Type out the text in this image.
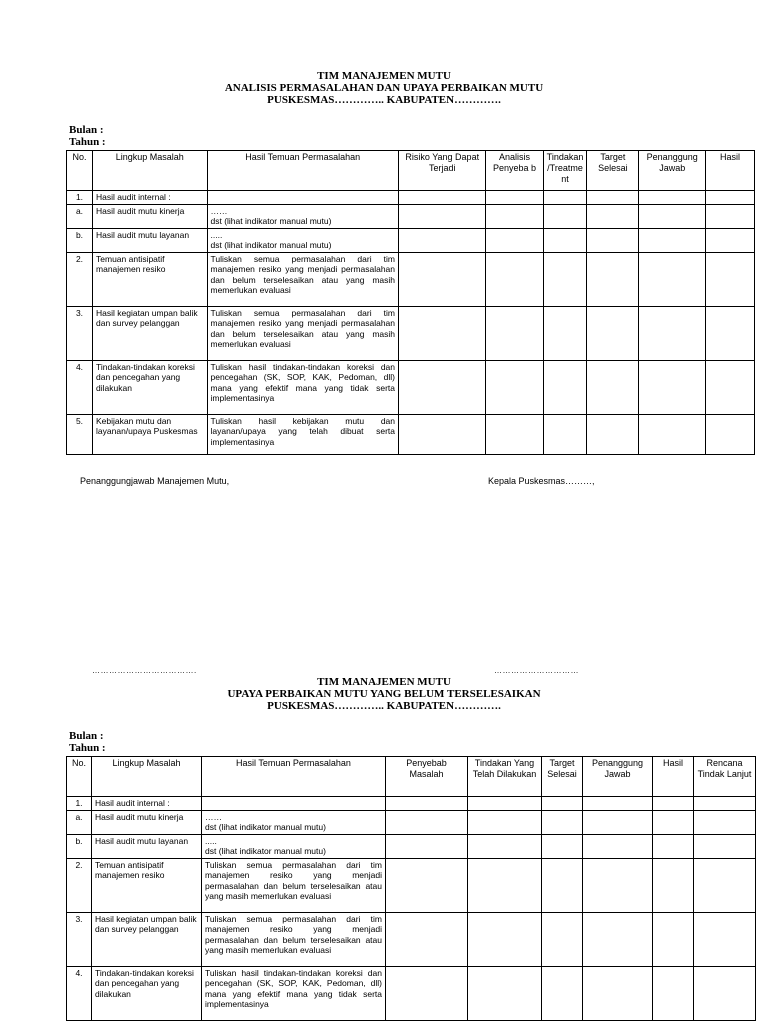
TIM MANAJEMEN MUTU
ANALISIS PERMASALAHAN DAN UPAYA PERBAIKAN MUTU
PUSKESMAS………….. KABUPATEN………….
Bulan :
Tahun :
No.	Lingkup Masalah	Hasil Temuan Permasalahan	Risiko Yang Dapat Terjadi	Analisis Penyeba b	Tindakan /Treatme nt	Target Selesai	Penanggung Jawab	Hasil
1.	Hasil audit internal :							
a.	Hasil audit mutu kinerja	……
dst (lihat indikator manual mutu)						
b.	Hasil audit mutu layanan	.....
dst (lihat indikator manual mutu)						
2.	Temuan antisipatif manajemen resiko	Tuliskan semua permasalahan dari tim manajemen resiko yang menjadi permasalahan dan belum terselesaikan atau yang masih memerlukan evaluasi						
3.	Hasil kegiatan umpan balik dan survey pelanggan	Tuliskan semua permasalahan dari tim manajemen resiko yang menjadi permasalahan dan belum terselesaikan atau yang masih memerlukan evaluasi						
4.	Tindakan-tindakan koreksi dan pencegahan yang dilakukan	Tuliskan hasil tindakan-tindakan koreksi dan pencegahan (SK, SOP, KAK, Pedoman, dll) mana yang efektif mana yang tidak serta implementasinya						
5.	Kebijakan mutu dan layanan/upaya Puskesmas	Tuliskan hasil kebijakan mutu dan layanan/upaya yang telah dibuat serta implementasinya						
Penanggungjawab Manajemen Mutu,	Kepala Puskesmas………,
……………………………….	…………………………
TIM MANAJEMEN MUTU
UPAYA PERBAIKAN MUTU YANG BELUM TERSELESAIKAN
PUSKESMAS………….. KABUPATEN………….
Bulan :
Tahun :
No.	Lingkup Masalah	Hasil Temuan Permasalahan	Penyebab Masalah	Tindakan Yang Telah Dilakukan	Target Selesai	Penanggung Jawab	Hasil	Rencana Tindak Lanjut
1.	Hasil audit internal :							
a.	Hasil audit mutu kinerja	……
dst (lihat indikator manual mutu)						
b.	Hasil audit mutu layanan	.....
dst (lihat indikator manual mutu)						
2.	Temuan antisipatif manajemen resiko	Tuliskan semua permasalahan dari tim manajemen resiko yang menjadi permasalahan dan belum terselesaikan atau yang masih memerlukan evaluasi						
3.	Hasil kegiatan umpan balik dan survey pelanggan	Tuliskan semua permasalahan dari tim manajemen resiko yang menjadi permasalahan dan belum terselesaikan atau yang masih memerlukan evaluasi						
4.	Tindakan-tindakan koreksi dan pencegahan yang dilakukan	Tuliskan hasil tindakan-tindakan koreksi dan pencegahan (SK, SOP, KAK, Pedoman, dll) mana yang efektif mana yang tidak serta implementasinya						
